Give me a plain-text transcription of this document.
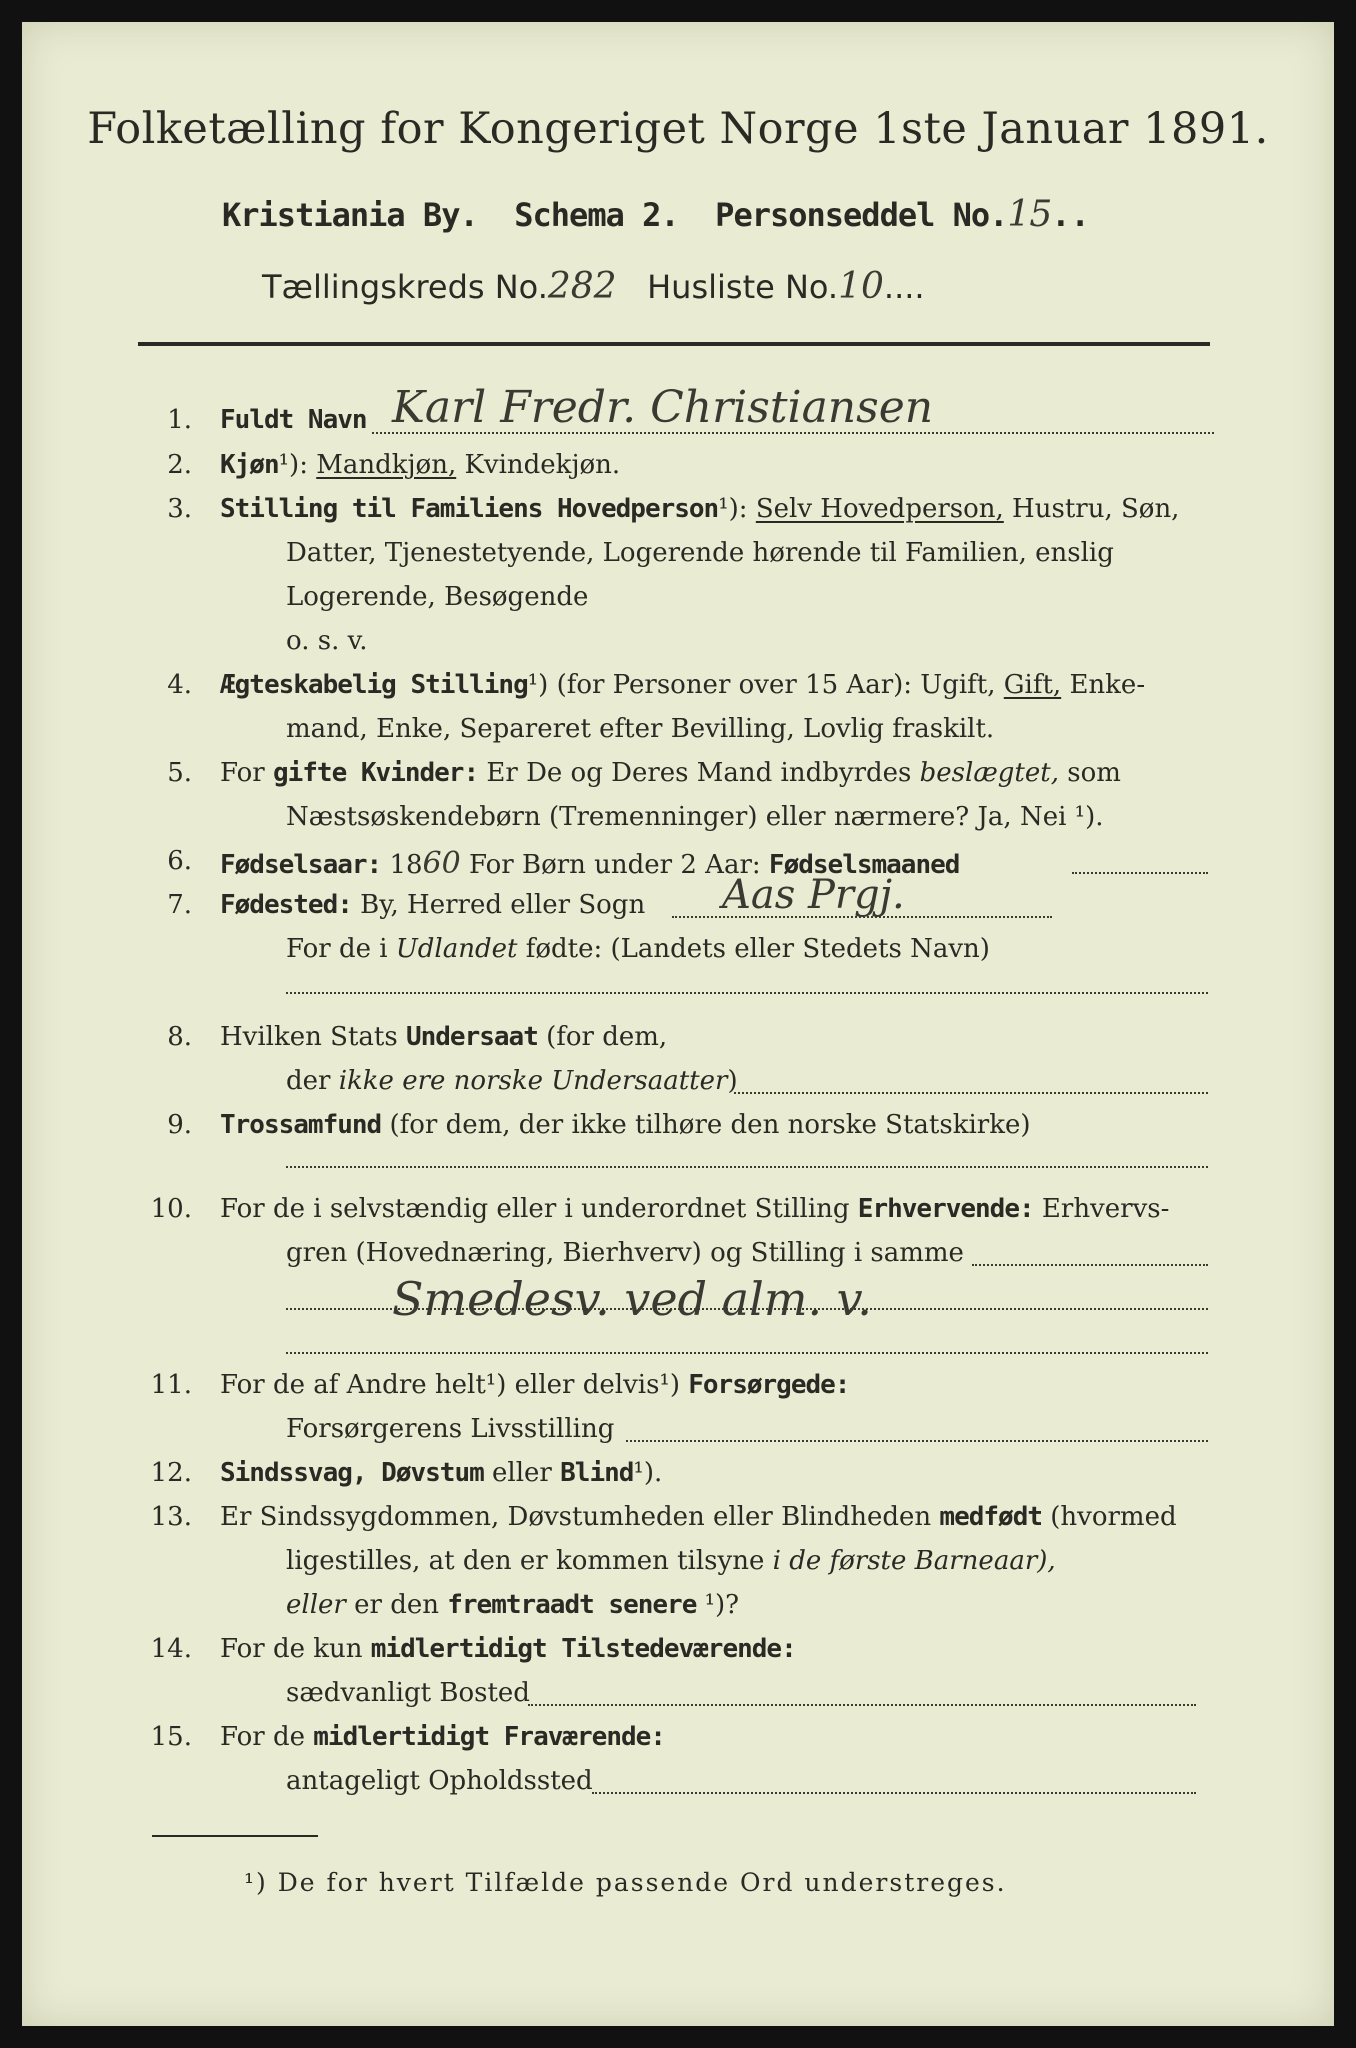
Folketælling for Kongeriget Norge 1ste Januar 1891.
Kristiania By. Schema 2. Personseddel No.15..
Tællingskreds No.282 Husliste No.10....
1. Fuldt Navn Karl Fredr. Christiansen
2. Kjøn¹): Mandkjøn, Kvindekjøn.
3. Stilling til Familiens Hovedperson¹): Selv Hovedperson, Hustru, Søn,
Datter, Tjenestetyende, Logerende hørende til Familien, enslig
Logerende, Besøgende
o. s. v.
4. Ægteskabelig Stilling¹) (for Personer over 15 Aar): Ugift, Gift, Enke-
mand, Enke, Separeret efter Bevilling, Lovlig fraskilt.
5. For gifte Kvinder: Er De og Deres Mand indbyrdes beslægtet, som
Næstsøskendebørn (Tremenninger) eller nærmere? Ja, Nei ¹).
6. Fødselsaar: 1860 For Børn under 2 Aar: Fødselsmaaned
7. Fødested: By, Herred eller Sogn Aas Prgj.
For de i Udlandet fødte: (Landets eller Stedets Navn)
8. Hvilken Stats Undersaat (for dem,
der ikke ere norske Undersaatter)
9. Trossamfund (for dem, der ikke tilhøre den norske Statskirke)
10. For de i selvstændig eller i underordnet Stilling Erhvervende: Erhvervs-
gren (Hovednæring, Bierhverv) og Stilling i samme
Smedesv. ved alm. v.
11. For de af Andre helt¹) eller delvis¹) Forsørgede:
Forsørgerens Livsstilling
12. Sindssvag, Døvstum eller Blind¹).
13. Er Sindssygdommen, Døvstumheden eller Blindheden medfødt (hvormed
ligestilles, at den er kommen tilsyne i de første Barneaar),
eller er den fremtraadt senere ¹)?
14. For de kun midlertidigt Tilstedeværende:
sædvanligt Bosted
15. For de midlertidigt Fraværende:
antageligt Opholdssted
¹) De for hvert Tilfælde passende Ord understreges.
